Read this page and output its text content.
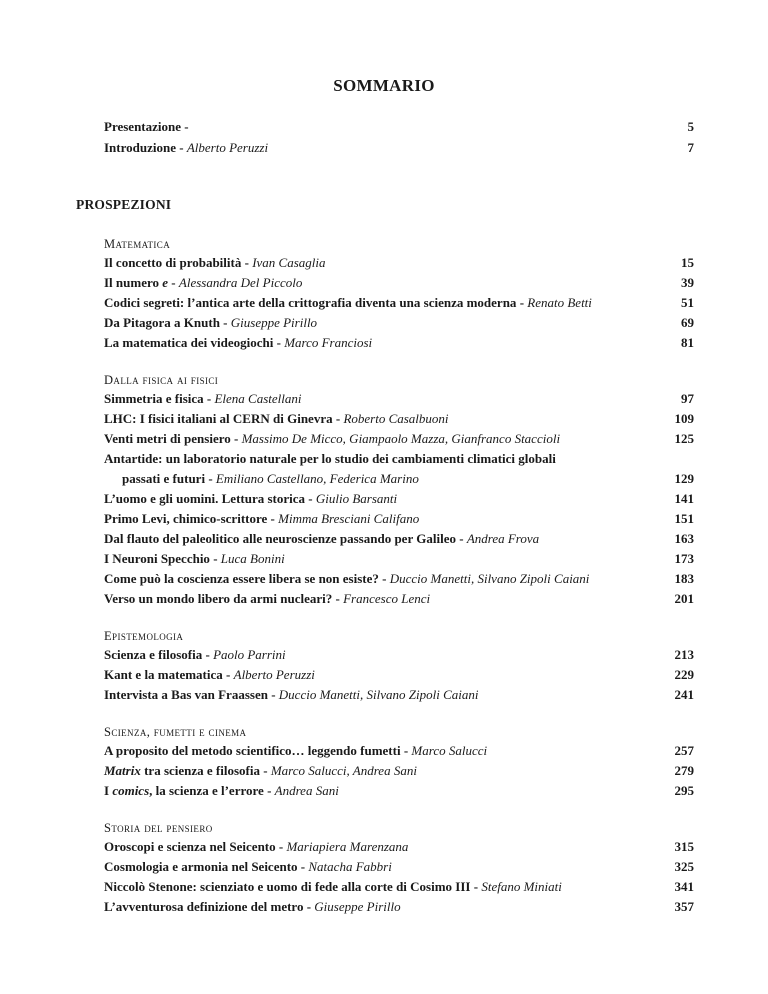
SOMMARIO
Presentazione -	5
Introduzione - Alberto Peruzzi	7
PROSPEZIONI
Matematica
Il concetto di probabilità - Ivan Casaglia	15
Il numero e - Alessandra Del Piccolo	39
Codici segreti: l’antica arte della crittografia diventa una scienza moderna - Renato Betti	51
Da Pitagora a Knuth - Giuseppe Pirillo	69
La matematica dei videogiochi - Marco Franciosi	81
Dalla fisica ai fisici
Simmetria e fisica - Elena Castellani	97
LHC: I fisici italiani al CERN di Ginevra - Roberto Casalbuoni	109
Venti metri di pensiero - Massimo De Micco, Giampaolo Mazza, Gianfranco Staccioli	125
Antartide: un laboratorio naturale per lo studio dei cambiamenti climatici globali
passati e futuri - Emiliano Castellano, Federica Marino	129
L’uomo e gli uomini. Lettura storica - Giulio Barsanti	141
Primo Levi, chimico-scrittore - Mimma Bresciani Califano	151
Dal flauto del paleolitico alle neuroscienze passando per Galileo - Andrea Frova	163
I Neuroni Specchio - Luca Bonini	173
Come può la coscienza essere libera se non esiste? - Duccio Manetti, Silvano Zipoli Caiani	183
Verso un mondo libero da armi nucleari? - Francesco Lenci	201
Epistemologia
Scienza e filosofia - Paolo Parrini	213
Kant e la matematica - Alberto Peruzzi	229
Intervista a Bas van Fraassen - Duccio Manetti, Silvano Zipoli Caiani	241
Scienza, fumetti e cinema
A proposito del metodo scientifico… leggendo fumetti - Marco Salucci	257
Matrix tra scienza e filosofia - Marco Salucci, Andrea Sani	279
I comics, la scienza e l’errore - Andrea Sani	295
Storia del pensiero
Oroscopi e scienza nel Seicento - Mariapiera Marenzana	315
Cosmologia e armonia nel Seicento - Natacha Fabbri	325
Niccolò Stenone: scienziato e uomo di fede alla corte di Cosimo III - Stefano Miniati	341
L’avventurosa definizione del metro - Giuseppe Pirillo	357
